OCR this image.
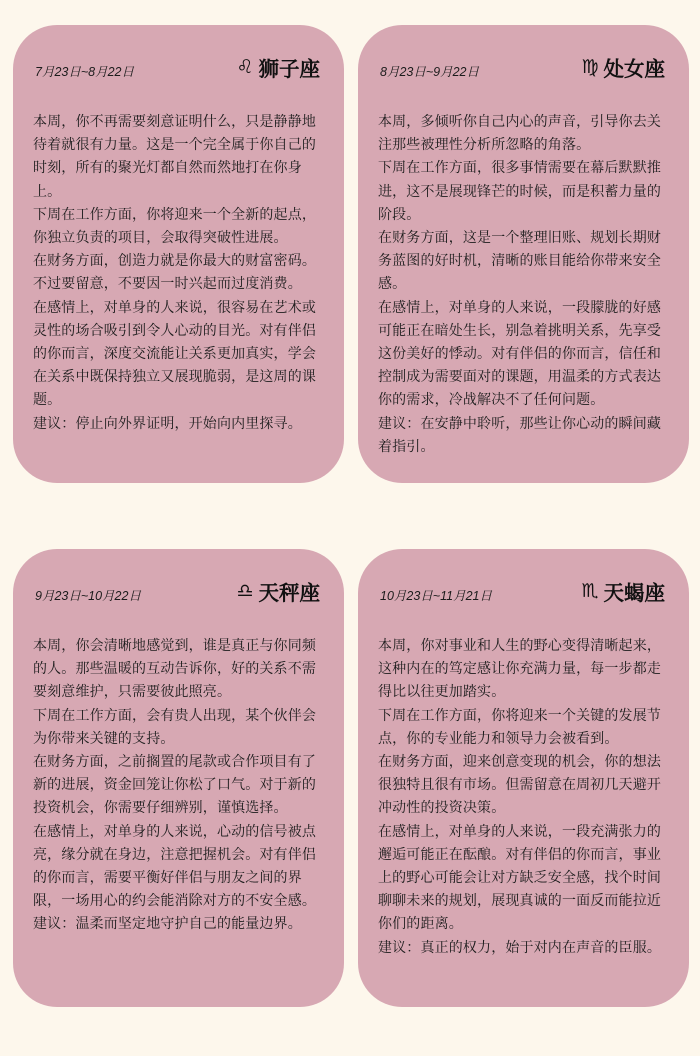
7月23日~8月22日	♌ 狮子座

本周，你不再需要刻意证明什么，只是静静地待着就很有力量。这是一个完全属于你自己的时刻，所有的聚光灯都自然而然地打在你身上。

下周在工作方面，你将迎来一个全新的起点，你独立负责的项目，会取得突破性进展。

在财务方面，创造力就是你最大的财富密码。不过要留意，不要因一时兴起而过度消费。

在感情上，对单身的人来说，很容易在艺术或灵性的场合吸引到令人心动的目光。对有伴侣的你而言，深度交流能让关系更加真实，学会在关系中既保持独立又展现脆弱，是这周的课题。

建议：停止向外界证明，开始向内里探寻。

8月23日~9月22日	♍ 处女座

本周，多倾听你自己内心的声音，引导你去关注那些被理性分析所忽略的角落。

下周在工作方面，很多事情需要在幕后默默推进，这不是展现锋芒的时候，而是积蓄力量的阶段。

在财务方面，这是一个整理旧账、规划长期财务蓝图的好时机，清晰的账目能给你带来安全感。

在感情上，对单身的人来说，一段朦胧的好感可能正在暗处生长，别急着挑明关系，先享受这份美好的悸动。对有伴侣的你而言，信任和控制成为需要面对的课题，用温柔的方式表达你的需求，冷战解决不了任何问题。

建议：在安静中聆听，那些让你心动的瞬间藏着指引。

9月23日~10月22日	♎ 天秤座

本周，你会清晰地感觉到，谁是真正与你同频的人。那些温暖的互动告诉你，好的关系不需要刻意维护，只需要彼此照亮。

下周在工作方面，会有贵人出现，某个伙伴会为你带来关键的支持。

在财务方面，之前搁置的尾款或合作项目有了新的进展，资金回笼让你松了口气。对于新的投资机会，你需要仔细辨别，谨慎选择。

在感情上，对单身的人来说，心动的信号被点亮，缘分就在身边，注意把握机会。对有伴侣的你而言，需要平衡好伴侣与朋友之间的界限，一场用心的约会能消除对方的不安全感。

建议：温柔而坚定地守护自己的能量边界。

10月23日~11月21日	♏ 天蝎座

本周，你对事业和人生的野心变得清晰起来，这种内在的笃定感让你充满力量，每一步都走得比以往更加踏实。

下周在工作方面，你将迎来一个关键的发展节点，你的专业能力和领导力会被看到。

在财务方面，迎来创意变现的机会，你的想法很独特且很有市场。但需留意在周初几天避开冲动性的投资决策。

在感情上，对单身的人来说，一段充满张力的邂逅可能正在酝酿。对有伴侣的你而言，事业上的野心可能会让对方缺乏安全感，找个时间聊聊未来的规划，展现真诚的一面反而能拉近你们的距离。

建议：真正的权力，始于对内在声音的臣服。
